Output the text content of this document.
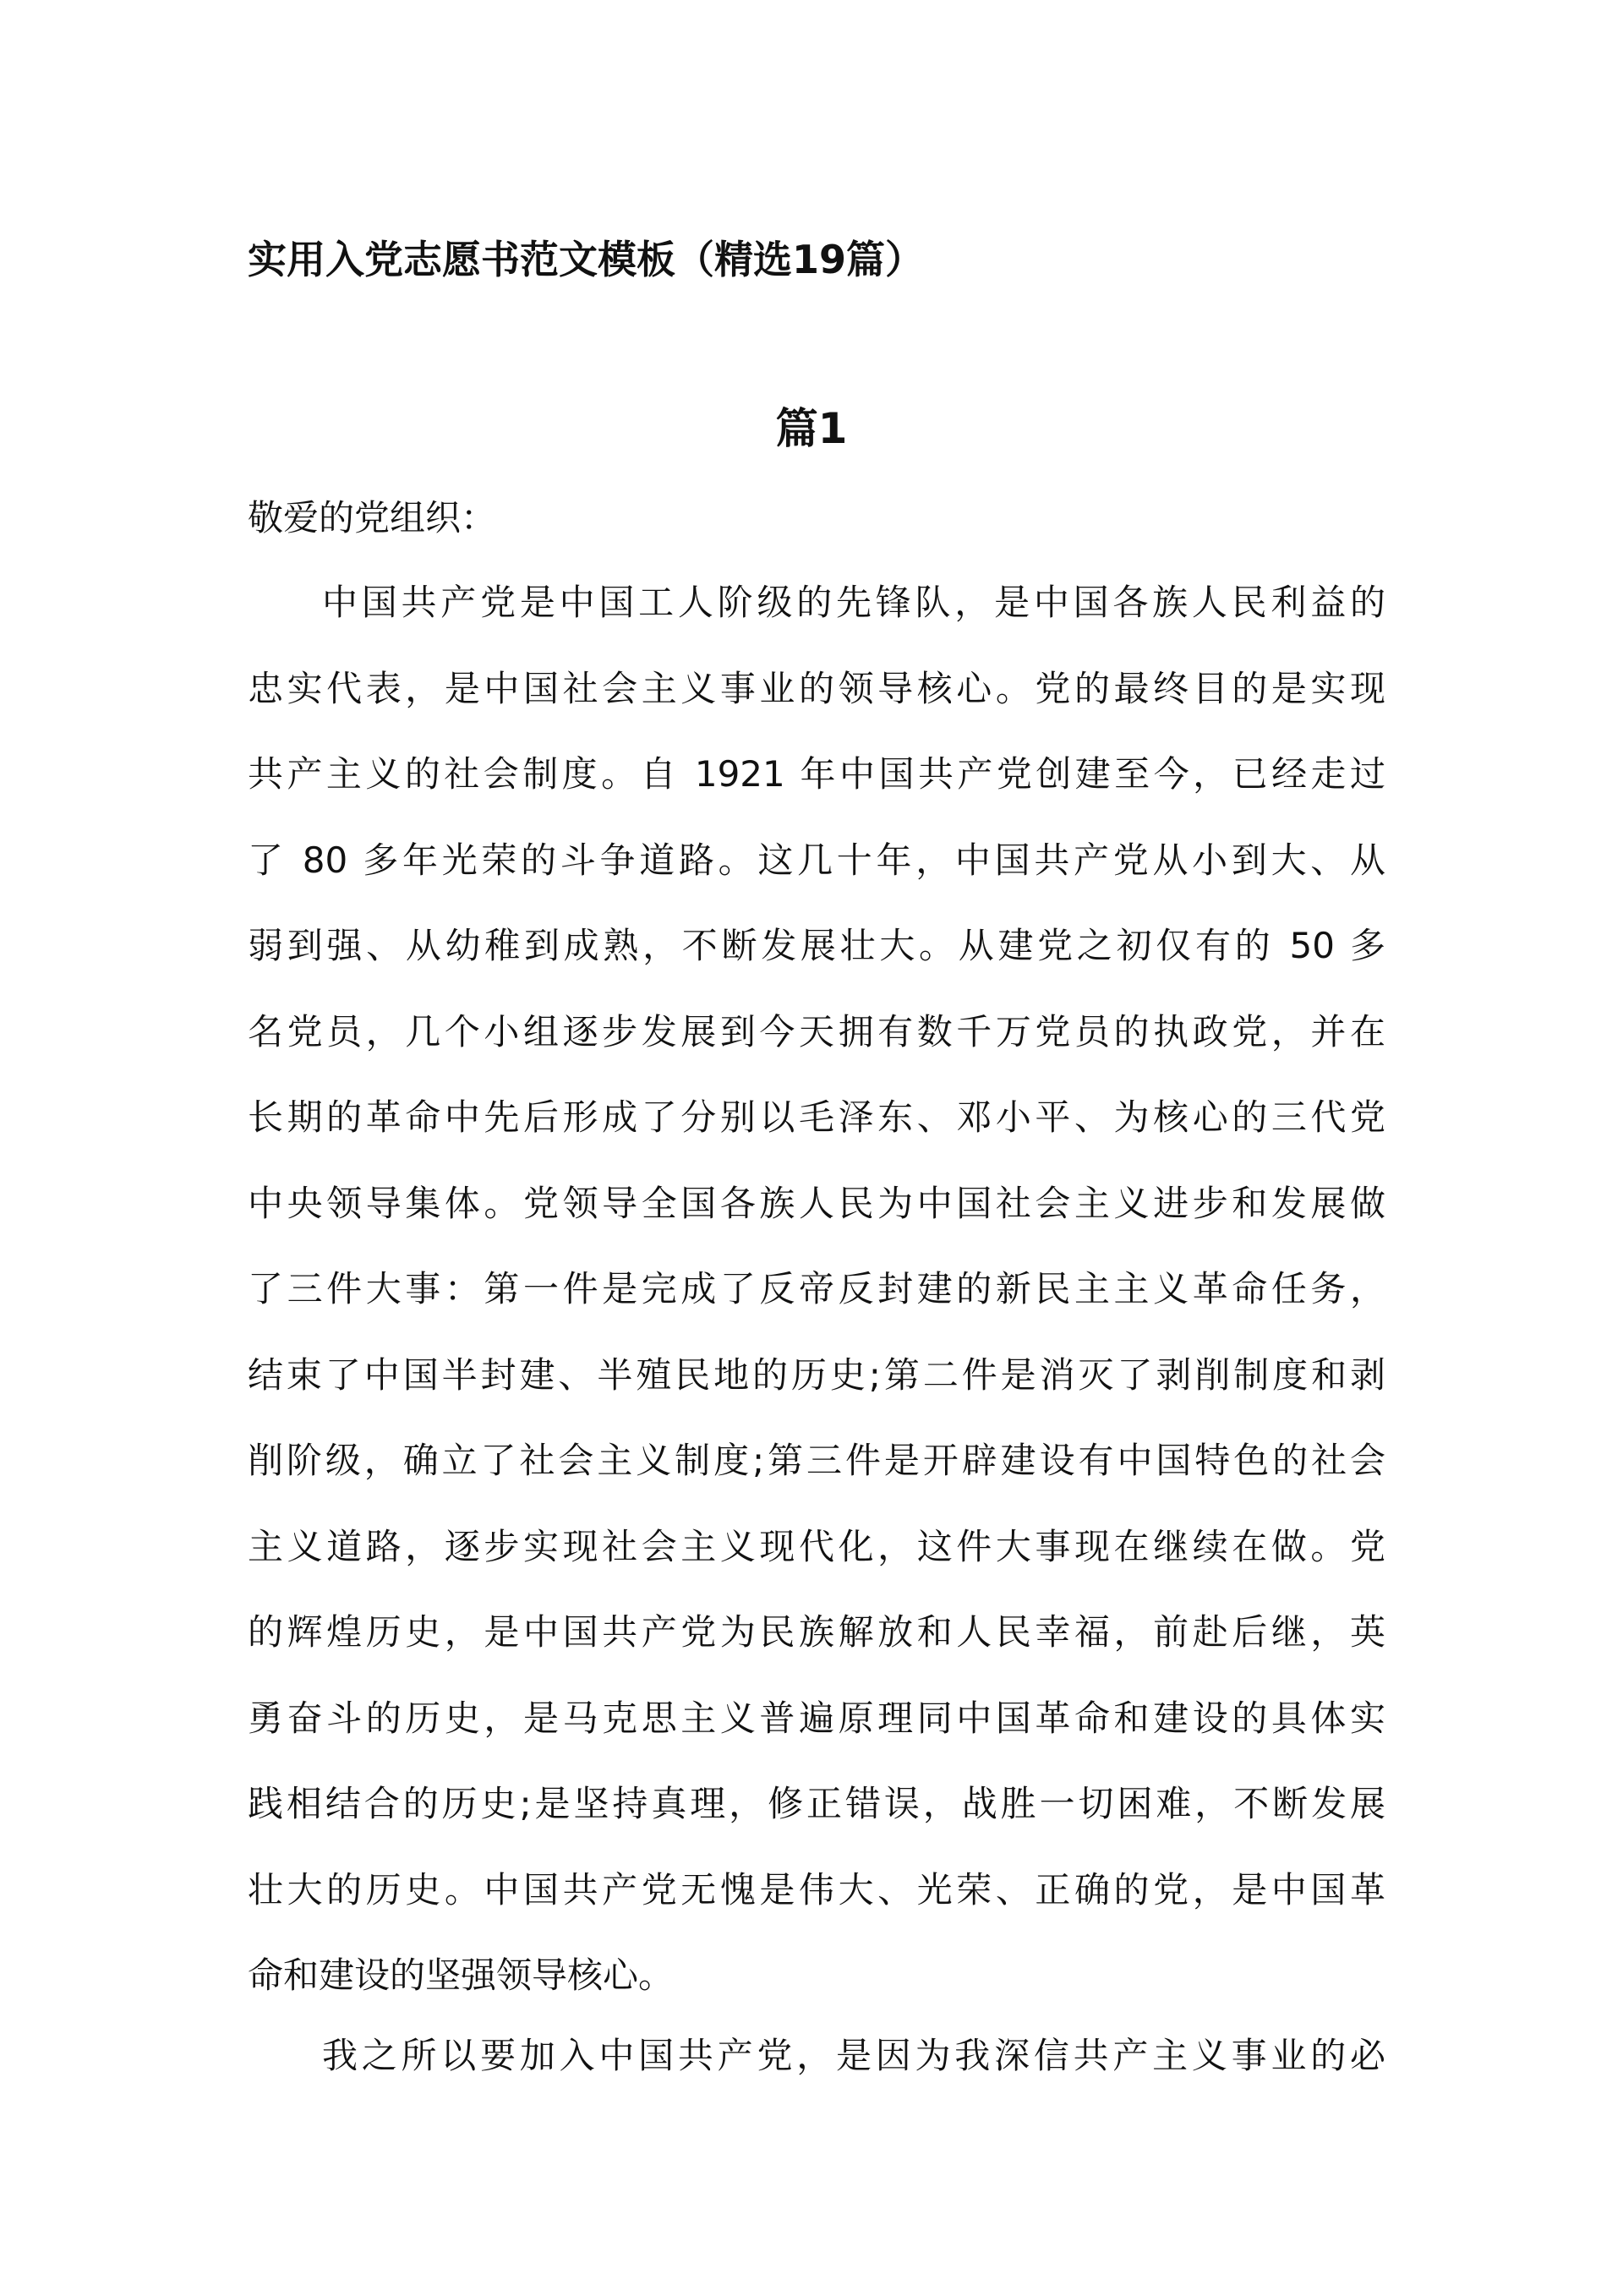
实用入党志愿书范文模板（精选19篇）
篇1

敬爱的党组织：

中国共产党是中国工人阶级的先锋队，是中国各族人民利益的
忠实代表，是中国社会主义事业的领导核心。党的最终目的是实现
共产主义的社会制度。自 1921 年中国共产党创建至今，已经走过
了 80 多年光荣的斗争道路。这几十年，中国共产党从小到大、从
弱到强、从幼稚到成熟，不断发展壮大。从建党之初仅有的 50 多
名党员，几个小组逐步发展到今天拥有数千万党员的执政党，并在
长期的革命中先后形成了分别以毛泽东、邓小平、为核心的三代党
中央领导集体。党领导全国各族人民为中国社会主义进步和发展做
了三件大事：第一件是完成了反帝反封建的新民主主义革命任务，
结束了中国半封建、半殖民地的历史;第二件是消灭了剥削制度和剥
削阶级，确立了社会主义制度;第三件是开辟建设有中国特色的社会
主义道路，逐步实现社会主义现代化，这件大事现在继续在做。党
的辉煌历史，是中国共产党为民族解放和人民幸福，前赴后继，英
勇奋斗的历史，是马克思主义普遍原理同中国革命和建设的具体实
践相结合的历史;是坚持真理，修正错误，战胜一切困难，不断发展
壮大的历史。中国共产党无愧是伟大、光荣、正确的党，是中国革
命和建设的坚强领导核心。
我之所以要加入中国共产党，是因为我深信共产主义事业的必
